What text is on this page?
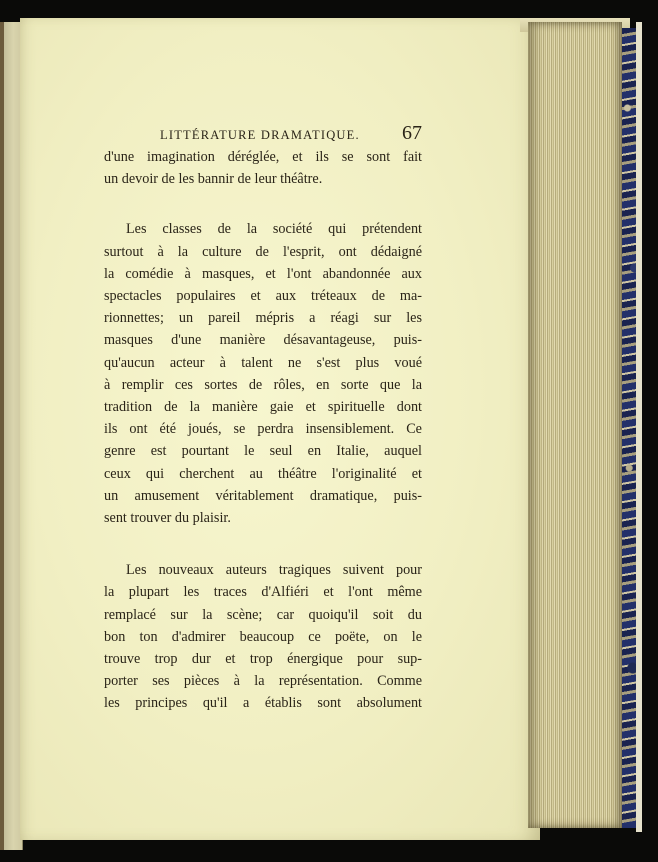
LITTÉRATURE DRAMATIQUE. 67

d'une imagination déréglée, et ils se sont fait
un devoir de les bannir de leur théâtre.

Les classes de la société qui prétendent
surtout à la culture de l'esprit, ont dédaigné
la comédie à masques, et l'ont abandonnée aux
spectacles populaires et aux tréteaux de ma-
rionnettes; un pareil mépris a réagi sur les
masques d'une manière désavantageuse, puis-
qu'aucun acteur à talent ne s'est plus voué
à remplir ces sortes de rôles, en sorte que la
tradition de la manière gaie et spirituelle dont
ils ont été joués, se perdra insensiblement. Ce
genre est pourtant le seul en Italie, auquel
ceux qui cherchent au théâtre l'originalité et
un amusement véritablement dramatique, puis-
sent trouver du plaisir.

Les nouveaux auteurs tragiques suivent pour
la plupart les traces d'Alfiéri et l'ont même
remplacé sur la scène; car quoiqu'il soit du
bon ton d'admirer beaucoup ce poëte, on le
trouve trop dur et trop énergique pour sup-
porter ses pièces à la représentation. Comme
les principes qu'il a établis sont absolument
